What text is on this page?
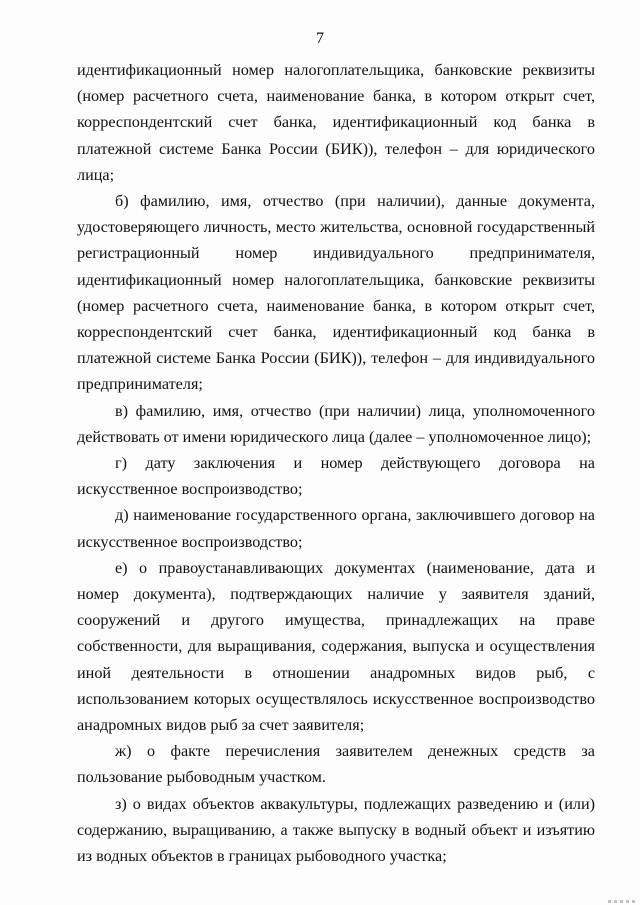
7

идентификационный номер налогоплательщика, банковские реквизиты (номер расчетного счета, наименование банка, в котором открыт счет, корреспондентский счет банка, идентификационный код банка в платежной системе Банка России (БИК)), телефон – для юридического лица;

б) фамилию, имя, отчество (при наличии), данные документа, удостоверяющего личность, место жительства, основной государственный регистрационный номер индивидуального предпринимателя, идентификационный номер налогоплательщика, банковские реквизиты (номер расчетного счета, наименование банка, в котором открыт счет, корреспондентский счет банка, идентификационный код банка в платежной системе Банка России (БИК)), телефон – для индивидуального предпринимателя;

в) фамилию, имя, отчество (при наличии) лица, уполномоченного действовать от имени юридического лица (далее – уполномоченное лицо);

г) дату заключения и номер действующего договора на искусственное воспроизводство;

д) наименование государственного органа, заключившего договор на искусственное воспроизводство;

е) о правоустанавливающих документах (наименование, дата и номер документа), подтверждающих наличие у заявителя зданий, сооружений и другого имущества, принадлежащих на праве собственности, для выращивания, содержания, выпуска и осуществления иной деятельности в отношении анадромных видов рыб, с использованием которых осуществлялось искусственное воспроизводство анадромных видов рыб за счет заявителя;

ж) о факте перечисления заявителем денежных средств за пользование рыбоводным участком.

з) о видах объектов аквакультуры, подлежащих разведению и (или) содержанию, выращиванию, а также выпуску в водный объект и изъятию из водных объектов в границах рыбоводного участка;
